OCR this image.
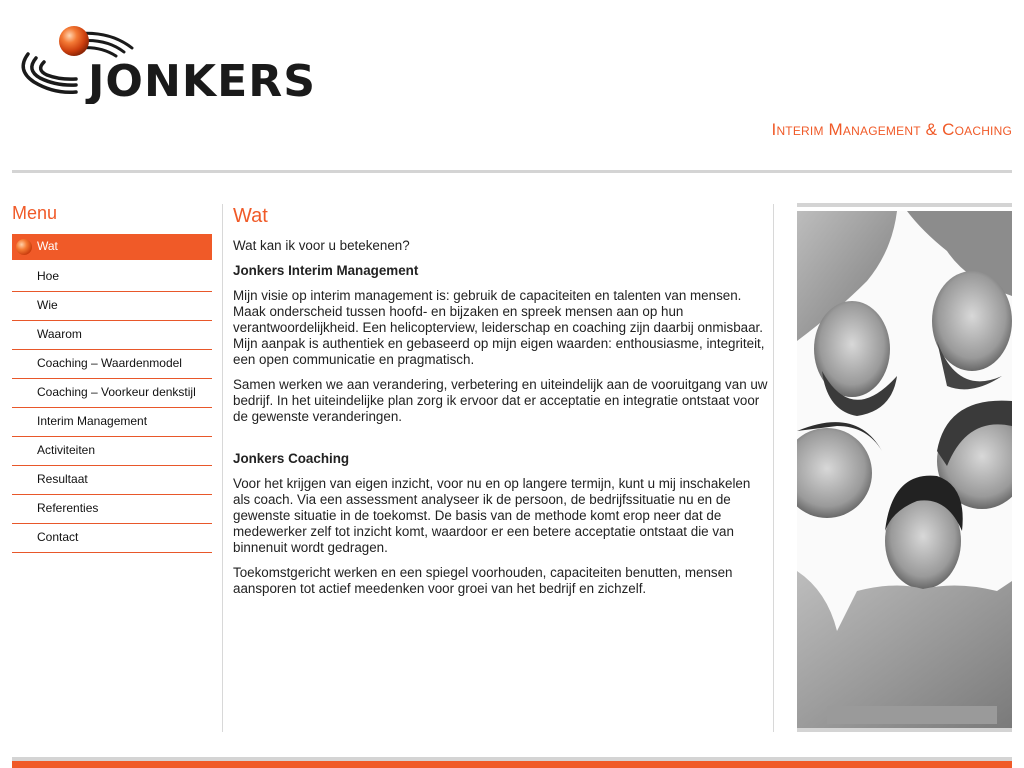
JONKERS
Interim Management & Coaching
Menu
Wat
Hoe
Wie
Waarom
Coaching – Waardenmodel
Coaching – Voorkeur denkstijl
Interim Management
Activiteiten
Resultaat
Referenties
Contact
Wat

Wat kan ik voor u betekenen?

Jonkers Interim Management

Mijn visie op interim management is: gebruik de capaciteiten en talenten van mensen. Maak onderscheid tussen hoofd- en bijzaken en spreek mensen aan op hun verantwoordelijkheid. Een helicopterview, leiderschap en coaching zijn daarbij onmisbaar. Mijn aanpak is authentiek en gebaseerd op mijn eigen waarden: enthousiasme, integriteit, een open communicatie en pragmatisch.

Samen werken we aan verandering, verbetering en uiteindelijk aan de vooruitgang van uw bedrijf. In het uiteindelijke plan zorg ik ervoor dat er acceptatie en integratie ontstaat voor de gewenste veranderingen.

Jonkers Coaching

Voor het krijgen van eigen inzicht, voor nu en op langere termijn, kunt u mij inschakelen als coach. Via een assessment analyseer ik de persoon, de bedrijfssituatie nu en de gewenste situatie in de toekomst. De basis van de methode komt erop neer dat de medewerker zelf tot inzicht komt, waardoor er een betere acceptatie ontstaat die van binnenuit wordt gedragen.

Toekomstgericht werken en een spiegel voorhouden, capaciteiten benutten, mensen aansporen tot actief meedenken voor groei van het bedrijf en zichzelf.
